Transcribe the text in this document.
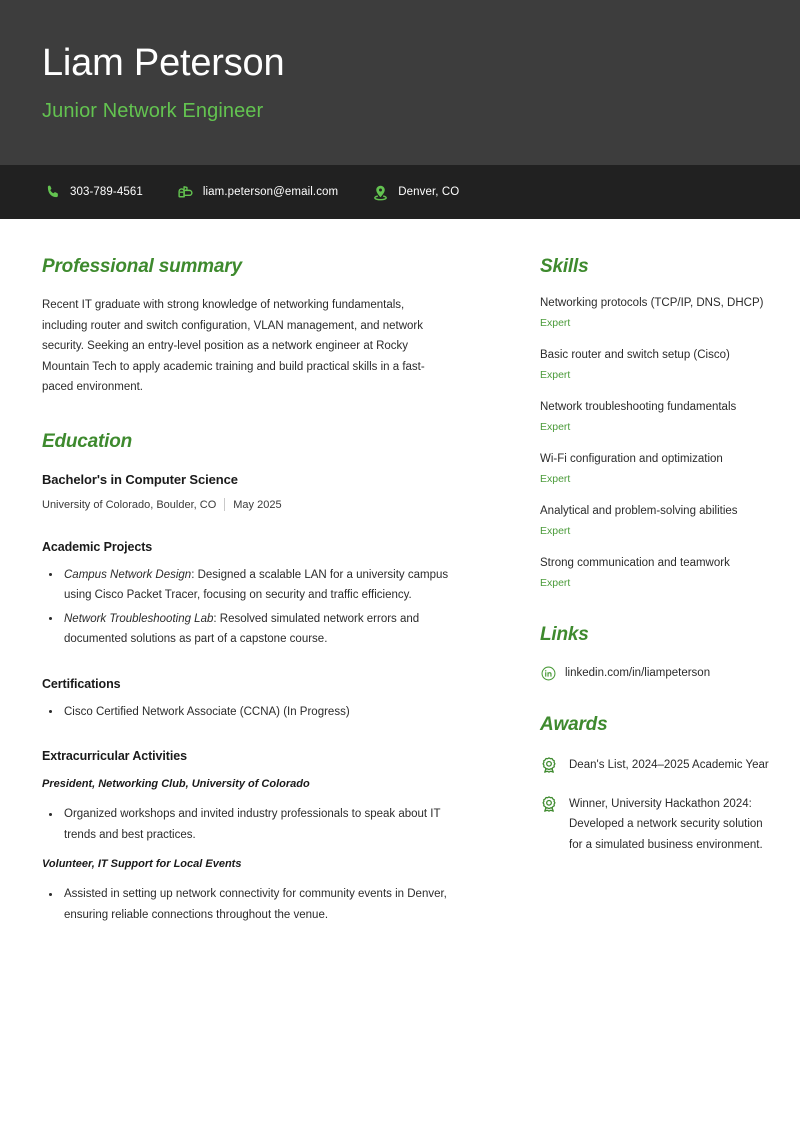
Liam Peterson
Junior Network Engineer
303-789-4561	liam.peterson@email.com	Denver, CO
Professional summary
Recent IT graduate with strong knowledge of networking fundamentals, including router and switch configuration, VLAN management, and network security. Seeking an entry-level position as a network engineer at Rocky Mountain Tech to apply academic training and build practical skills in a fast-paced environment.
Education
Bachelor's in Computer Science
University of Colorado, Boulder, CO May 2025
Academic Projects
Campus Network Design: Designed a scalable LAN for a university campus using Cisco Packet Tracer, focusing on security and traffic efficiency.
Network Troubleshooting Lab: Resolved simulated network errors and documented solutions as part of a capstone course.
Certifications
Cisco Certified Network Associate (CCNA) (In Progress)
Extracurricular Activities
President, Networking Club, University of Colorado
Organized workshops and invited industry professionals to speak about IT trends and best practices.
Volunteer, IT Support for Local Events
Assisted in setting up network connectivity for community events in Denver, ensuring reliable connections throughout the venue.
Skills
Networking protocols (TCP/IP, DNS, DHCP)
Expert
Basic router and switch setup (Cisco)
Expert
Network troubleshooting fundamentals
Expert
Wi-Fi configuration and optimization
Expert
Analytical and problem-solving abilities
Expert
Strong communication and teamwork
Expert
Links
linkedin.com/in/liampeterson
Awards
Dean's List, 2024–2025 Academic Year
Winner, University Hackathon 2024: Developed a network security solution for a simulated business environment.
